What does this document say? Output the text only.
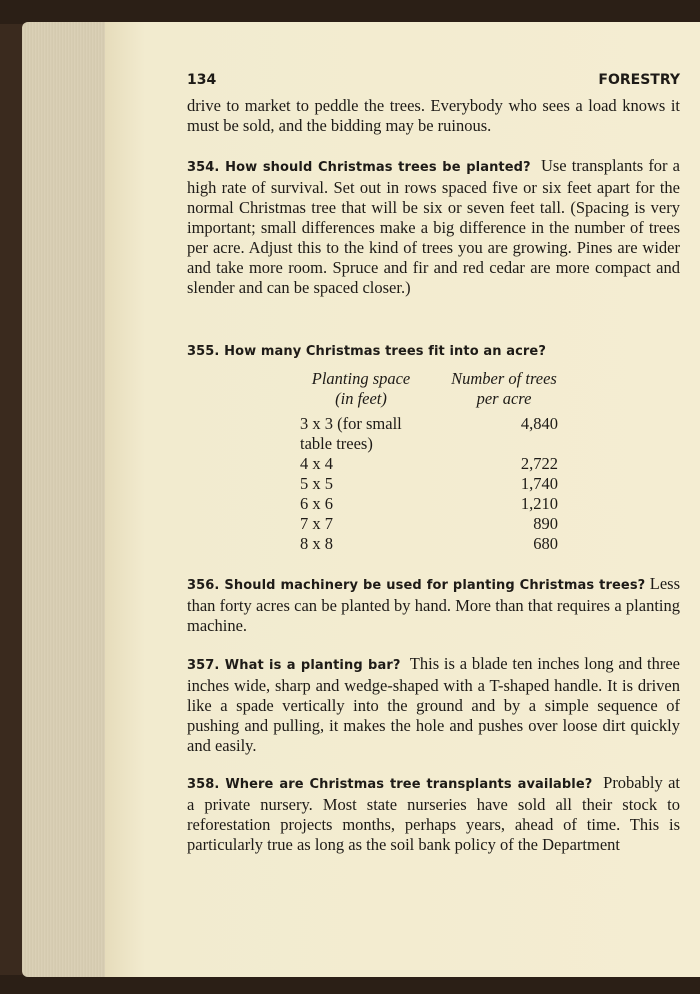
134	FORESTRY

drive to market to peddle the trees. Everybody who sees a load knows it must be sold, and the bidding may be ruinous.

354. How should Christmas trees be planted? Use transplants for a high rate of survival. Set out in rows spaced five or six feet apart for the normal Christmas tree that will be six or seven feet tall. (Spacing is very important; small differences make a big difference in the number of trees per acre. Adjust this to the kind of trees you are growing. Pines are wider and take more room. Spruce and fir and red cedar are more compact and slender and can be spaced closer.)

355. How many Christmas trees fit into an acre?

Planting space	Number of trees
(in feet)	per acre
3 x 3 (for small	4,840
table trees)
4 x 4	2,722
5 x 5	1,740
6 x 6	1,210
7 x 7	890
8 x 8	680

356. Should machinery be used for planting Christmas trees? Less than forty acres can be planted by hand. More than that requires a planting machine.

357. What is a planting bar? This is a blade ten inches long and three inches wide, sharp and wedge-shaped with a T-shaped handle. It is driven like a spade vertically into the ground and by a simple sequence of pushing and pulling, it makes the hole and pushes over loose dirt quickly and easily.

358. Where are Christmas tree transplants available? Probably at a private nursery. Most state nurseries have sold all their stock to reforestation projects months, perhaps years, ahead of time. This is particularly true as long as the soil bank policy of the Department
